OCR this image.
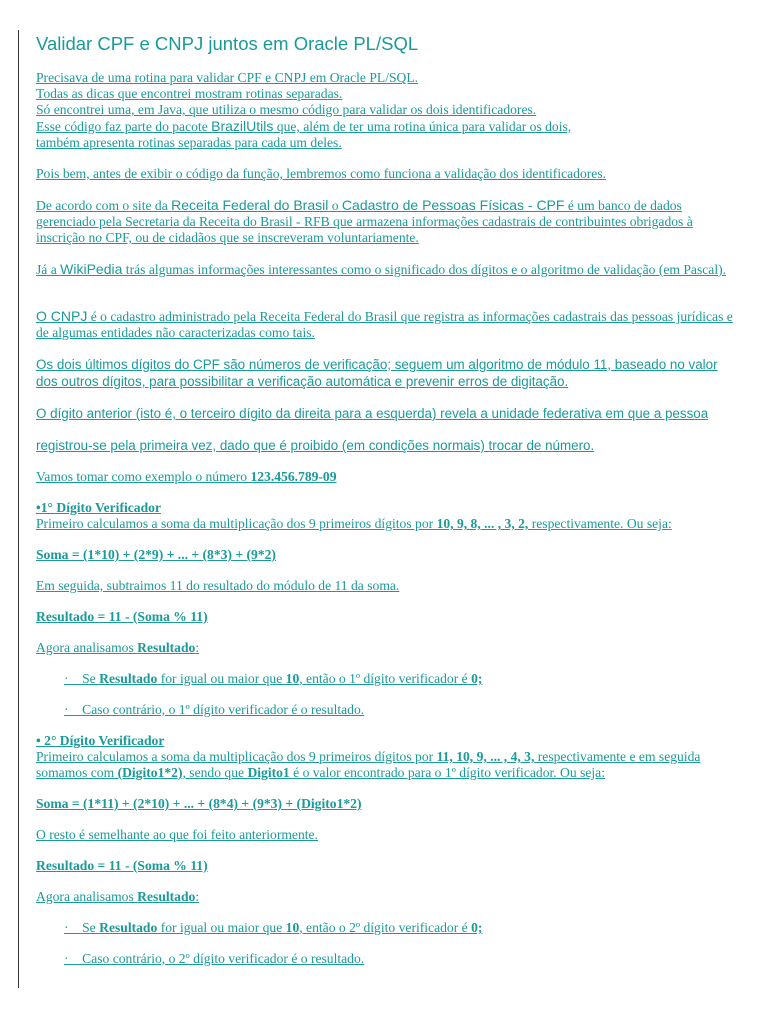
Validar CPF e CNPJ juntos em Oracle PL/SQL

Precisava de uma rotina para validar CPF e CNPJ em Oracle PL/SQL.

Todas as dicas que encontrei mostram rotinas separadas.

Só encontrei uma, em Java, que utiliza o mesmo código para validar os dois identificadores.

Esse código faz parte do pacote BrazilUtils que, além de ter uma rotina única para validar os dois,

também apresenta rotinas separadas para cada um deles.

Pois bem, antes de exibir o código da função, lembremos como funciona a validação dos identificadores.

De acordo com o site da Receita Federal do Brasil o Cadastro de Pessoas Físicas - CPF é um banco de dados gerenciado pela Secretaria da Receita do Brasil - RFB que armazena informações cadastrais de contribuintes obrigados à inscrição no CPF, ou de cidadãos que se inscreveram voluntariamente.

Já a WikiPedia trás algumas informações interessantes como o significado dos dígitos e o algoritmo de validação (em Pascal).

O CNPJ é o cadastro administrado pela Receita Federal do Brasil que registra as informações cadastrais das pessoas jurídicas e de algumas entidades não caracterizadas como tais.

Os dois últimos dígitos do CPF são números de verificação; seguem um algoritmo de módulo 11, baseado no valor dos outros dígitos, para possibilitar a verificação automática e prevenir erros de digitação.

O dígito anterior (isto é, o terceiro dígito da direita para a esquerda) revela a unidade federativa em que a pessoa

registrou-se pela primeira vez, dado que é proibido (em condições normais) trocar de número.

Vamos tomar como exemplo o número 123.456.789-09

•1° Dígito Verificador

Primeiro calculamos a soma da multiplicação dos 9 primeiros dígitos por 10, 9, 8, ... , 3, 2, respectivamente. Ou seja:

Soma = (1*10) + (2*9) + ... + (8*3) + (9*2)

Em seguida, subtraimos 11 do resultado do módulo de 11 da soma.

Resultado = 11 - (Soma % 11)

Agora analisamos Resultado:

·    Se Resultado for igual ou maior que 10, então o 1º dígito verificador é 0;

·    Caso contrário, o 1º dígito verificador é o resultado.

• 2° Dígito Verificador

Primeiro calculamos a soma da multiplicação dos 9 primeiros dígitos por 11, 10, 9, ... , 4, 3, respectivamente e em seguida somamos com (Digito1*2), sendo que Digito1 é o valor encontrado para o 1º dígito verificador. Ou seja:

Soma = (1*11) + (2*10) + ... + (8*4) + (9*3) + (Digito1*2)

O resto é semelhante ao que foi feito anteriormente.

Resultado = 11 - (Soma % 11)

Agora analisamos Resultado:

·    Se Resultado for igual ou maior que 10, então o 2º dígito verificador é 0;

·    Caso contrário, o 2º dígito verificador é o resultado.
